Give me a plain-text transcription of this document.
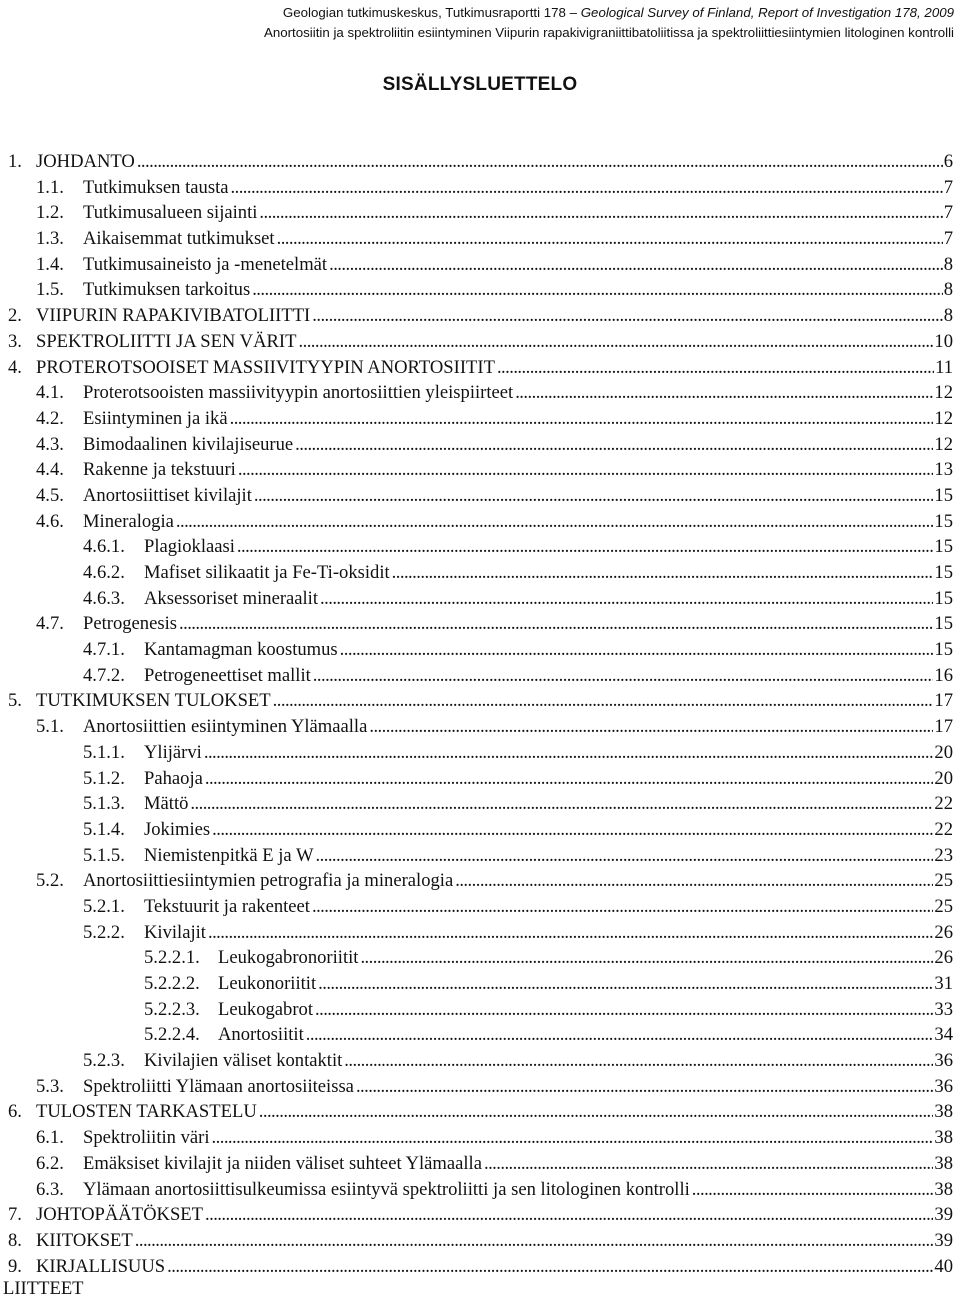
Geologian tutkimuskeskus, Tutkimusraportti 178 – Geological Survey of Finland, Report of Investigation 178, 2009
Anortosiitin ja spektroliitin esiintyminen Viipurin rapakivigraniittibatoliitissa ja spektroliittiesiintymien litologinen kontrolli
SISÄLLYSLUETTELO
1. JOHDANTO . . .	6
1.1. Tutkimuksen tausta . . .	7
1.2. Tutkimusalueen sijainti . . .	7
1.3. Aikaisemmat tutkimukset . . .	7
1.4. Tutkimusaineisto ja -menetelmät . . .	8
1.5. Tutkimuksen tarkoitus . . .	8
2. VIIPURIN RAPAKIVIBATOLIITTI . . .	8
3. SPEKTROLIITTI JA SEN VÄRIT . . .	10
4. PROTEROTSOOISET MASSIIVITYYPIN ANORTOSIITIT . . .	11
4.1. Proterotsooisten massiivityypin anortosiittien yleispiirteet . . .	12
4.2. Esiintyminen ja ikä . . .	12
4.3. Bimodaalinen kivilajiseurue . . .	12
4.4. Rakenne ja tekstuuri . . .	13
4.5. Anortosiittiset kivilajit . . .	15
4.6. Mineralogia . . .	15
4.6.1. Plagioklaasi . . .	15
4.6.2. Mafiset silikaatit ja Fe-Ti-oksidit . . .	15
4.6.3. Aksessoriset mineraalit . . .	15
4.7. Petrogenesis . . .	15
4.7.1. Kantamagman koostumus . . .	15
4.7.2. Petrogeneettiset mallit . . .	16
5. TUTKIMUKSEN TULOKSET . . .	17
5.1. Anortosiittien esiintyminen Ylämaalla . . .	17
5.1.1. Ylijärvi . . .	20
5.1.2. Pahaoja . . .	20
5.1.3. Mättö . . .	22
5.1.4. Jokimies . . .	22
5.1.5. Niemistenpitkä E ja W . . .	23
5.2. Anortosiittiesiintymien petrografia ja mineralogia . . .	25
5.2.1. Tekstuurit ja rakenteet . . .	25
5.2.2. Kivilajit . . .	26
5.2.2.1. Leukogabronoriitit . . .	26
5.2.2.2. Leukonoriitit . . .	31
5.2.2.3. Leukogabrot . . .	33
5.2.2.4. Anortosiitit . . .	34
5.2.3. Kivilajien väliset kontaktit . . .	36
5.3. Spektroliitti Ylämaan anortosiiteissa . . .	36
6. TULOSTEN TARKASTELU . . .	38
6.1. Spektroliitin väri . . .	38
6.2. Emäksiset kivilajit ja niiden väliset suhteet Ylämaalla . . .	38
6.3. Ylämaan anortosiittisulkeumissa esiintyvä spektroliitti ja sen litologinen kontrolli . . .	38
7. JOHTOPÄÄTÖKSET . . .	39
8. KIITOKSET . . .	39
9. KIRJALLISUUS . . .	40
LIITTEET
